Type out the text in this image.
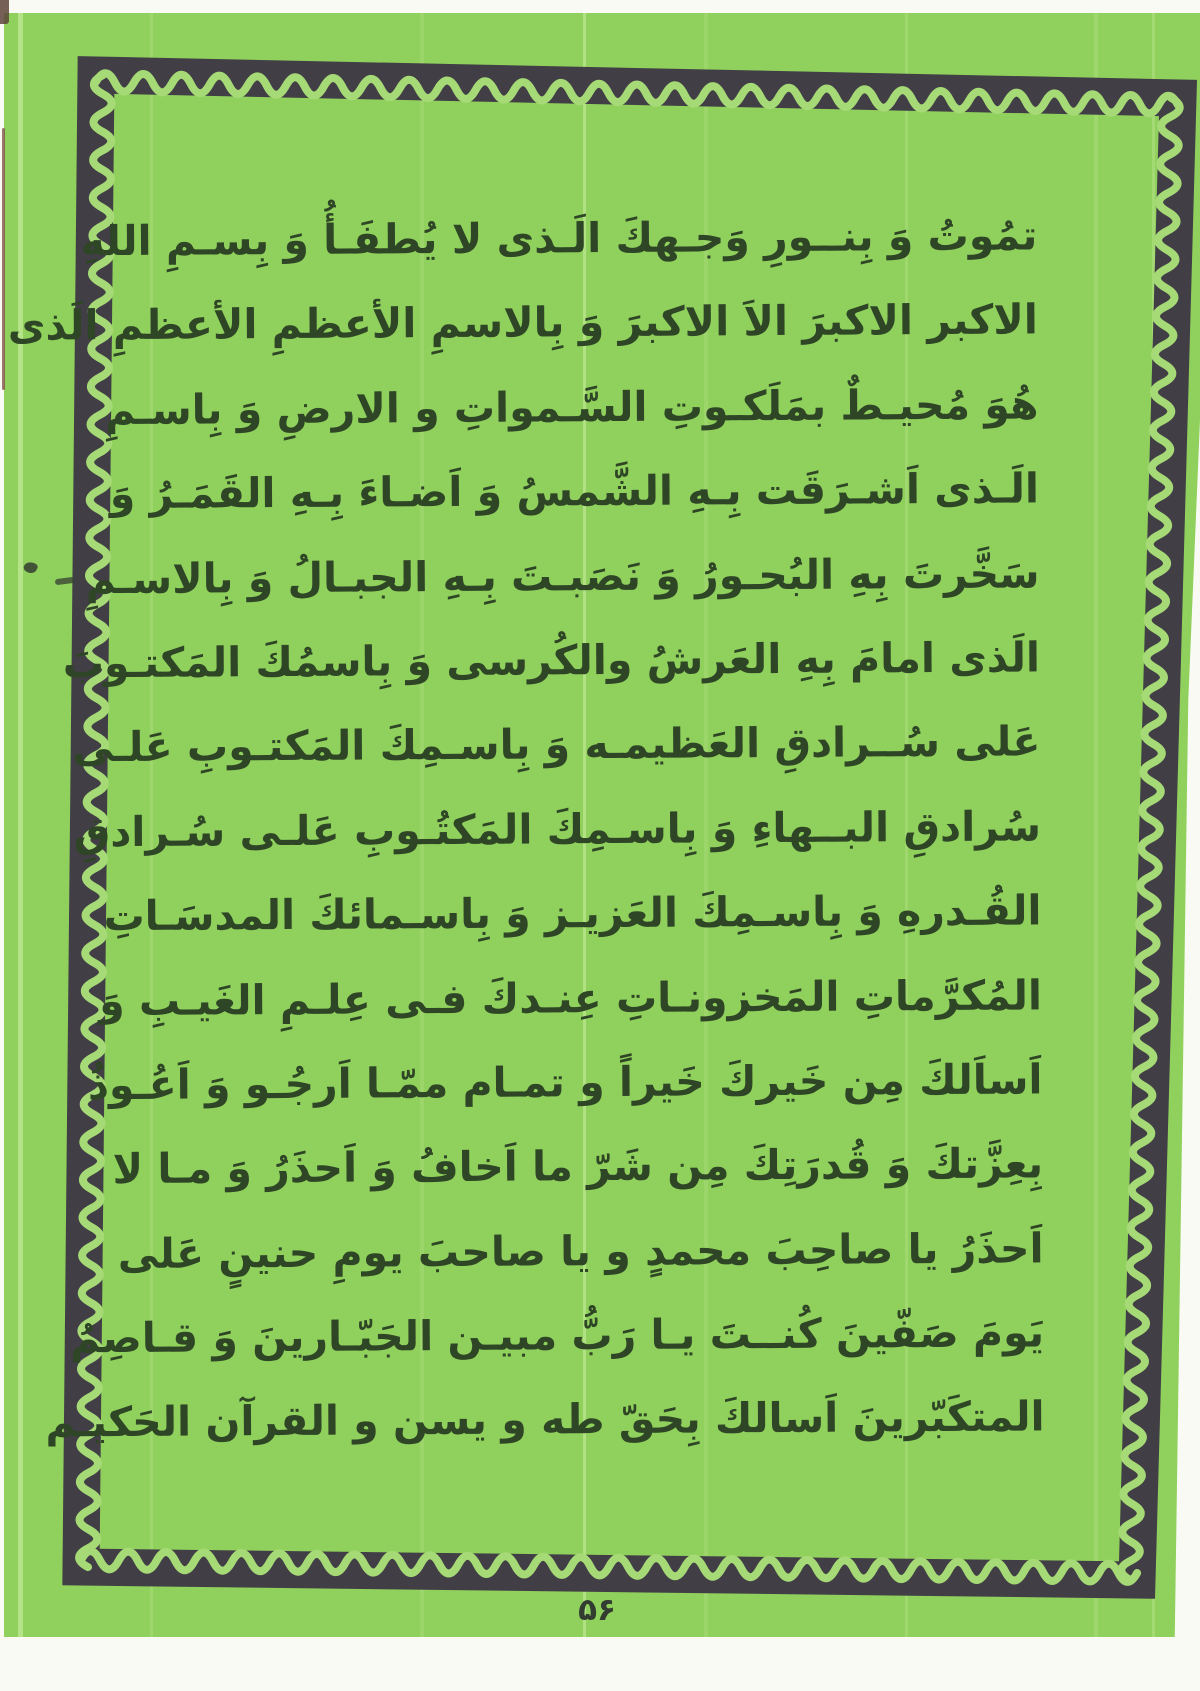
تمُوتُ وَ بِنــورِ وَجـهكَ الَـذى لا يُطفَـأُ وَ بِسـمِ اللهِ
الاكبر الاكبرَ الاَ الاكبرَ وَ بِالاسمِ الأعظمِ الأعظمِ الَذى
هُوَ مُحيـطٌ بمَلَكـوتِ السَّـمواتِ و الارضِ وَ بِاسـمِ
الَـذى اَشـرَقَت بِـهِ الشَّمسُ وَ اَضـاءَ بِـهِ القَمَـرُ وَ
سَخَّرتَ بِهِ البُحـورُ وَ نَصَبـتَ بِـهِ الجبـالُ وَ بِالاسـمِ
الَذى امامَ بِهِ العَرشُ والكُرسى وَ بِاسمُكَ المَكتـوبَ
عَلى سُــرادقِ العَظيمـه وَ بِاسـمِكَ المَكتـوبِ عَلـى
سُرادقِ البــهاءِ وَ بِاسـمِكَ المَكتُـوبِ عَلـى سُـرادقِ
القُـدرهِ وَ بِاسـمِكَ العَزيـز وَ بِاسـمائكَ المدسَـاتِ
المُكرَّماتِ المَخزونـاتِ عِنـدكَ فـى عِلـمِ الغَيـبِ وَ
اَساَلكَ مِن خَيركَ خَيراً و تمـام ممّـا اَرجُـو وَ اَعُـوذُ
بِعِزَّتكَ وَ قُدرَتِكَ مِن شَرّ ما اَخافُ وَ اَحذَرُ وَ مـا لا
اَحذَرُ يا صاحِبَ محمدٍ و يا صاحبَ يومِ حنينٍ عَلى
يَومَ صَفّينَ كُنــتَ يـا رَبُّ مبيـن الجَبّـارينَ وَ قـاصِمُ
المتكَبّرينَ اَسالكَ بِحَقّ طه و يسن و القرآن الحَكيـم
۵۶
